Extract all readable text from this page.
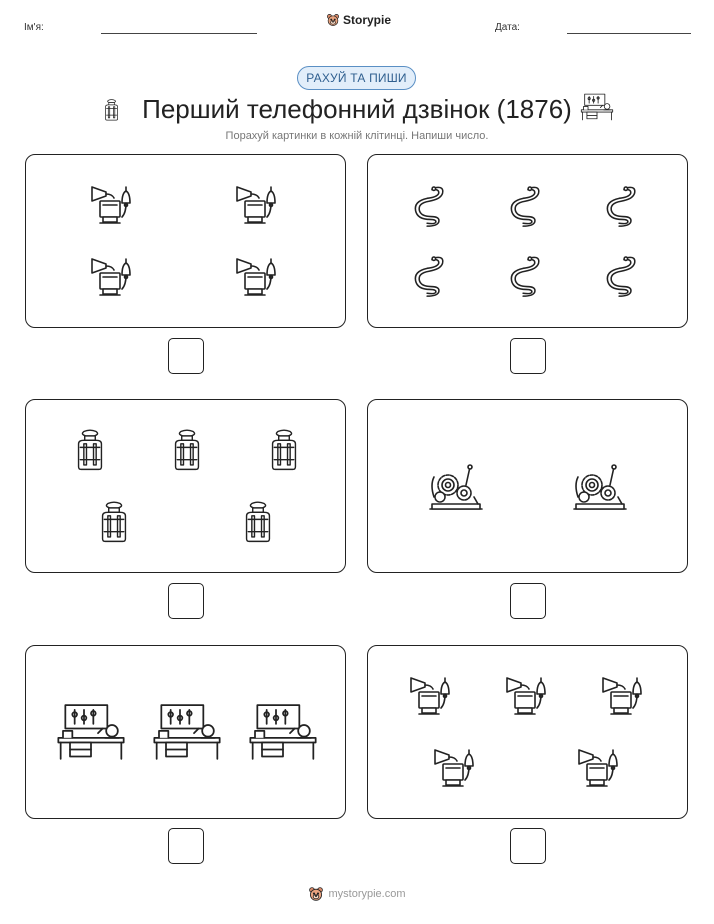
Ім'я:
Storypie
Дата:
РАХУЙ ТА ПИШИ
Перший телефонний дзвінок (1876)
Порахуй картинки в кожній клітинці. Напиши число.
mystorypie.com
